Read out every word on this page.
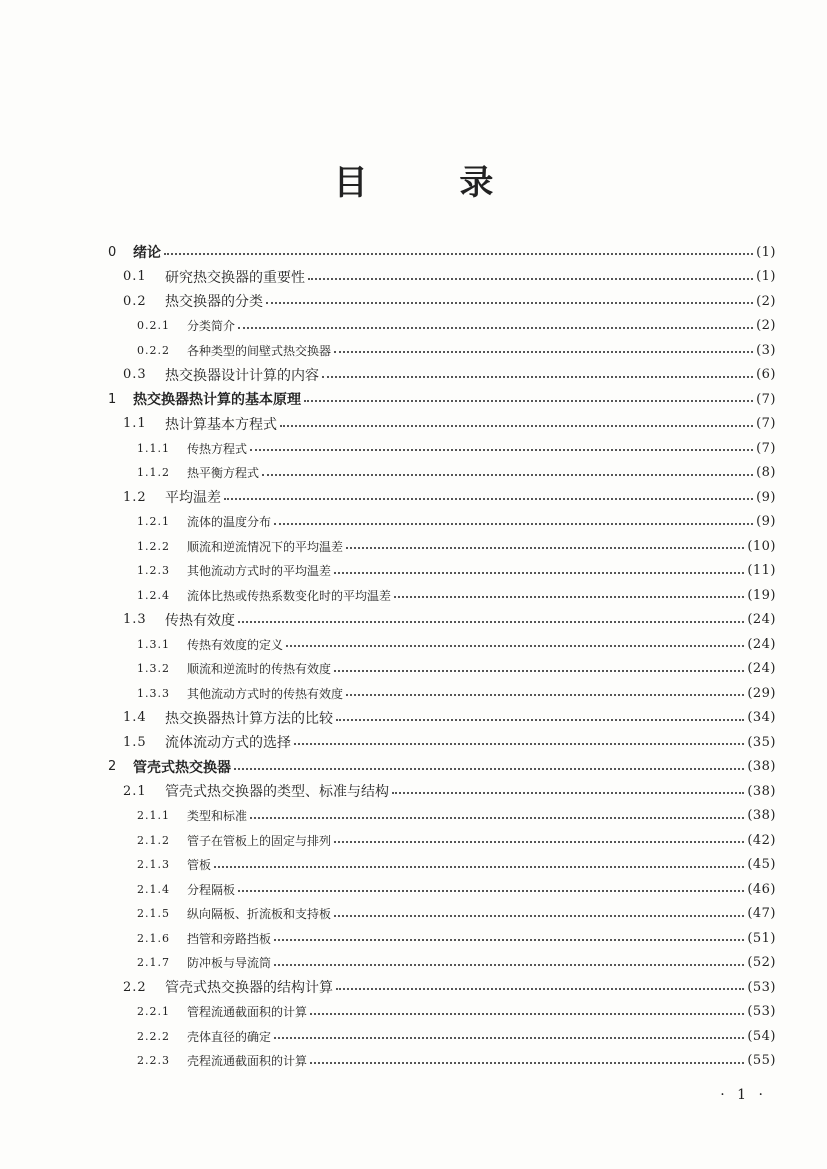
目 录
0	绪论	(1)
0.1	研究热交换器的重要性	(1)
0.2	热交换器的分类	(2)
0.2.1	分类简介	(2)
0.2.2	各种类型的间壁式热交换器	(3)
0.3	热交换器设计计算的内容	(6)
1	热交换器热计算的基本原理	(7)
1.1	热计算基本方程式	(7)
1.1.1	传热方程式	(7)
1.1.2	热平衡方程式	(8)
1.2	平均温差	(9)
1.2.1	流体的温度分布	(9)
1.2.2	顺流和逆流情况下的平均温差	(10)
1.2.3	其他流动方式时的平均温差	(11)
1.2.4	流体比热或传热系数变化时的平均温差	(19)
1.3	传热有效度	(24)
1.3.1	传热有效度的定义	(24)
1.3.2	顺流和逆流时的传热有效度	(24)
1.3.3	其他流动方式时的传热有效度	(29)
1.4	热交换器热计算方法的比较	(34)
1.5	流体流动方式的选择	(35)
2	管壳式热交换器	(38)
2.1	管壳式热交换器的类型、标准与结构	(38)
2.1.1	类型和标准	(38)
2.1.2	管子在管板上的固定与排列	(42)
2.1.3	管板	(45)
2.1.4	分程隔板	(46)
2.1.5	纵向隔板、折流板和支持板	(47)
2.1.6	挡管和旁路挡板	(51)
2.1.7	防冲板与导流筒	(52)
2.2	管壳式热交换器的结构计算	(53)
2.2.1	管程流通截面积的计算	(53)
2.2.2	壳体直径的确定	(54)
2.2.3	壳程流通截面积的计算	(55)
· 1 ·
